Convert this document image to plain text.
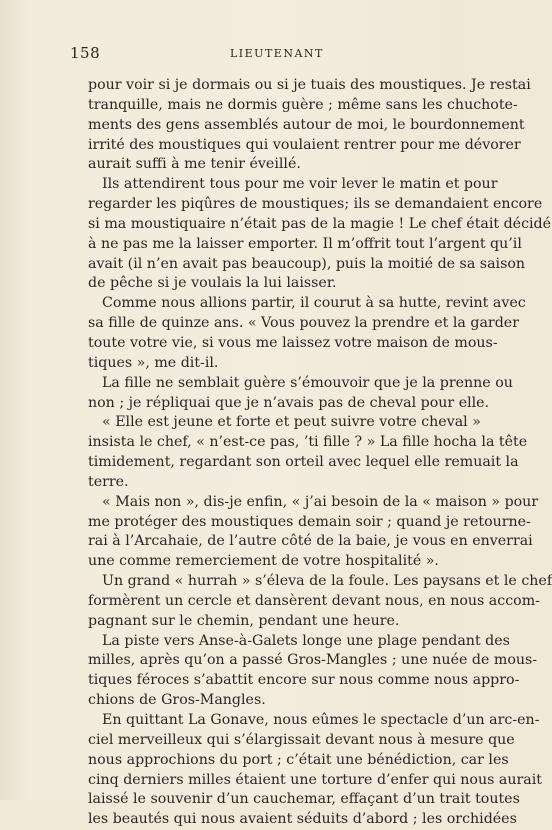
158	LIEUTENANT
pour voir si je dormais ou si je tuais des moustiques. Je restai
tranquille, mais ne dormis guère ; même sans les chuchote-
ments des gens assemblés autour de moi, le bourdonnement
irrité des moustiques qui voulaient rentrer pour me dévorer
aurait suffi à me tenir éveillé.
Ils attendirent tous pour me voir lever le matin et pour
regarder les piqûres de moustiques; ils se demandaient encore
si ma moustiquaire n’était pas de la magie ! Le chef était décidé
à ne pas me la laisser emporter. Il m’offrit tout l’argent qu’il
avait (il n’en avait pas beaucoup), puis la moitié de sa saison
de pêche si je voulais la lui laisser.
Comme nous allions partir, il courut à sa hutte, revint avec
sa fille de quinze ans. « Vous pouvez la prendre et la garder
toute votre vie, si vous me laissez votre maison de mous-
tiques », me dit-il.
La fille ne semblait guère s’émouvoir que je la prenne ou
non ; je répliquai que je n’avais pas de cheval pour elle.
« Elle est jeune et forte et peut suivre votre cheval »
insista le chef, « n’est-ce pas, ’ti fille ? » La fille hocha la tête
timidement, regardant son orteil avec lequel elle remuait la
terre.
« Mais non », dis-je enfin, « j’ai besoin de la « maison » pour
me protéger des moustiques demain soir ; quand je retourne-
rai à l’Arcahaie, de l’autre côté de la baie, je vous en enverrai
une comme remerciement de votre hospitalité ».
Un grand « hurrah » s’éleva de la foule. Les paysans et le chef
formèrent un cercle et dansèrent devant nous, en nous accom-
pagnant sur le chemin, pendant une heure.
La piste vers Anse-à-Galets longe une plage pendant des
milles, après qu’on a passé Gros-Mangles ; une nuée de mous-
tiques féroces s’abattit encore sur nous comme nous appro-
chions de Gros-Mangles.
En quittant La Gonave, nous eûmes le spectacle d’un arc-en-
ciel merveilleux qui s’élargissait devant nous à mesure que
nous approchions du port ; c’était une bénédiction, car les
cinq derniers milles étaient une torture d’enfer qui nous aurait
laissé le souvenir d’un cauchemar, effaçant d’un trait toutes
les beautés qui nous avaient séduits d’abord ; les orchidées
